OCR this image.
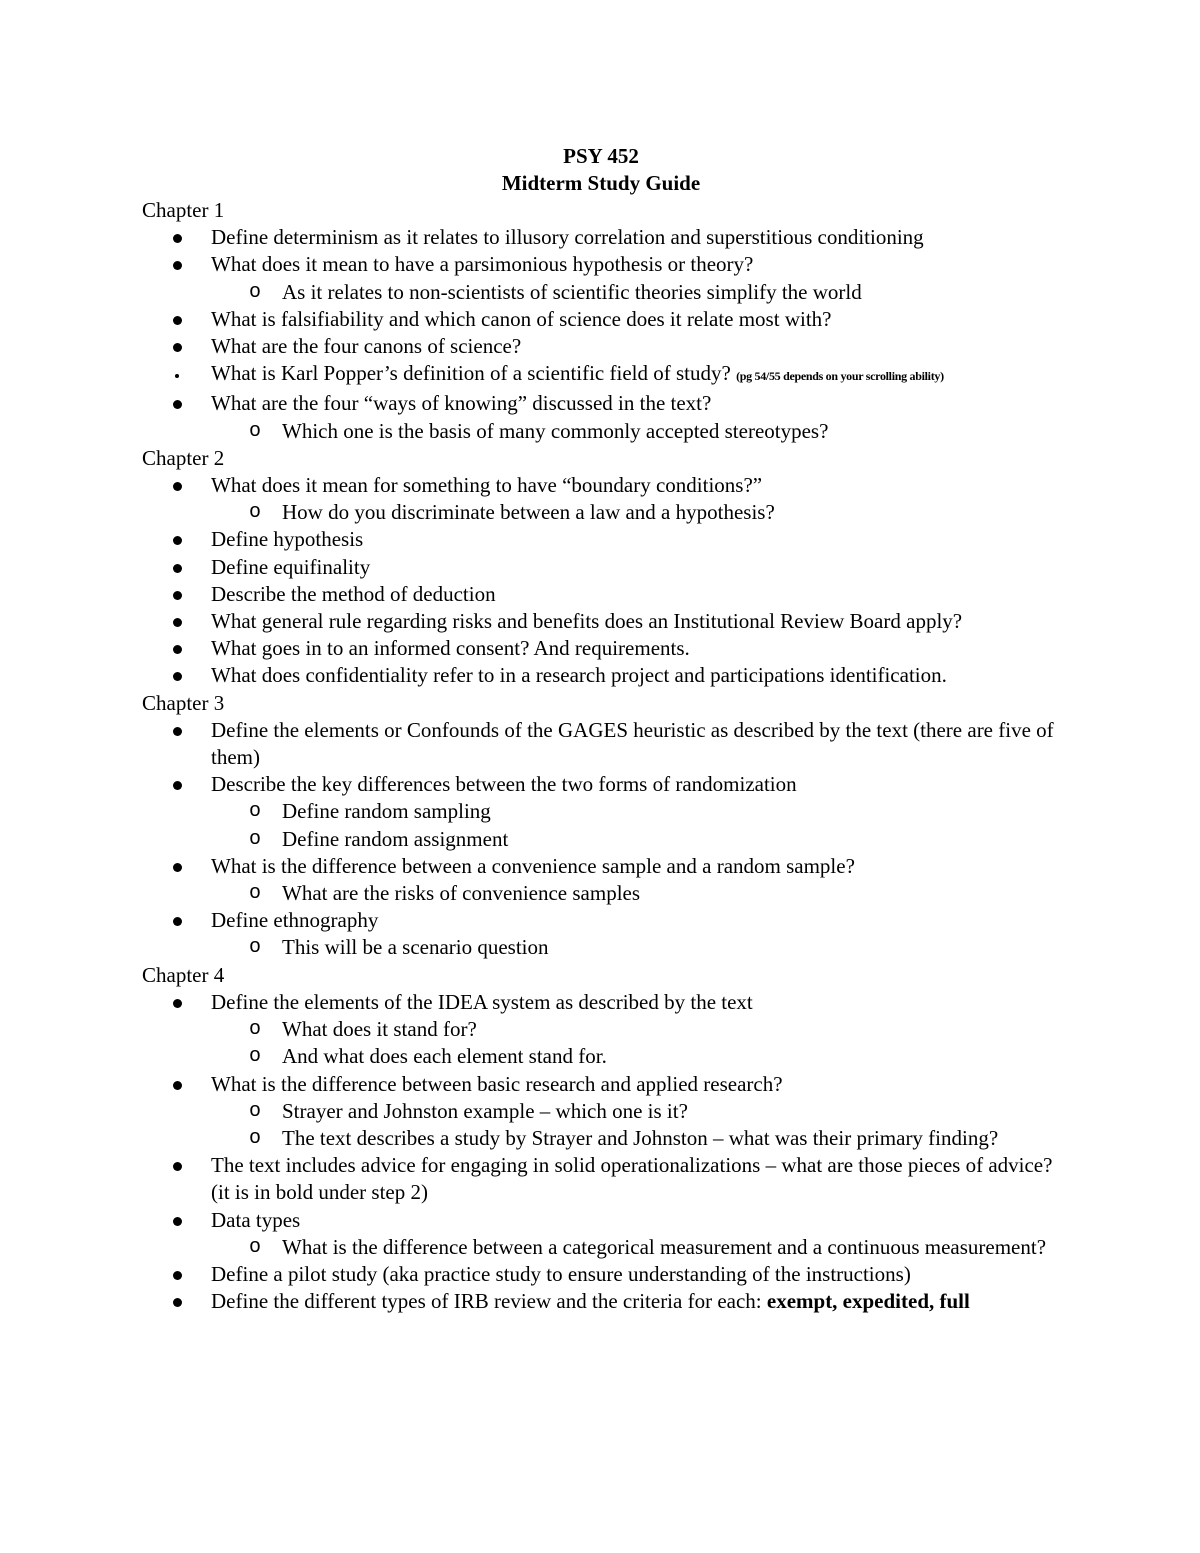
PSY 452
Midterm Study Guide
Chapter 1
Define determinism as it relates to illusory correlation and superstitious conditioning
What does it mean to have a parsimonious hypothesis or theory?
o As it relates to non-scientists of scientific theories simplify the world
What is falsifiability and which canon of science does it relate most with?
What are the four canons of science?
What is Karl Popper’s definition of a scientific field of study? (pg 54/55 depends on your scrolling ability)
What are the four “ways of knowing” discussed in the text?
o Which one is the basis of many commonly accepted stereotypes?
Chapter 2
What does it mean for something to have “boundary conditions?”
o How do you discriminate between a law and a hypothesis?
Define hypothesis
Define equifinality
Describe the method of deduction
What general rule regarding risks and benefits does an Institutional Review Board apply?
What goes in to an informed consent? And requirements.
What does confidentiality refer to in a research project and participations identification.
Chapter 3
Define the elements or Confounds of the GAGES heuristic as described by the text (there are five of them)
Describe the key differences between the two forms of randomization
o Define random sampling
o Define random assignment
What is the difference between a convenience sample and a random sample?
o What are the risks of convenience samples
Define ethnography
o This will be a scenario question
Chapter 4
Define the elements of the IDEA system as described by the text
o What does it stand for?
o And what does each element stand for.
What is the difference between basic research and applied research?
o Strayer and Johnston example – which one is it?
o The text describes a study by Strayer and Johnston – what was their primary finding?
The text includes advice for engaging in solid operationalizations – what are those pieces of advice? (it is in bold under step 2)
Data types
o What is the difference between a categorical measurement and a continuous measurement?
Define a pilot study (aka practice study to ensure understanding of the instructions)
Define the different types of IRB review and the criteria for each: exempt, expedited, full
